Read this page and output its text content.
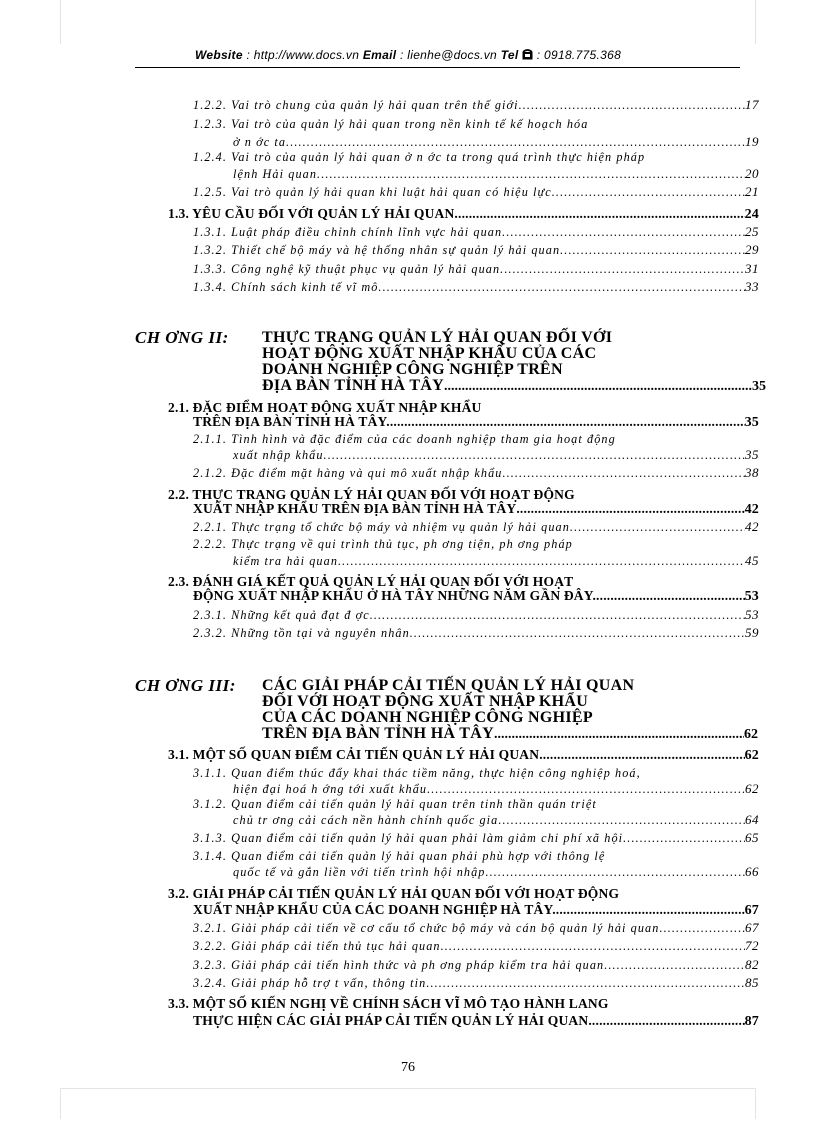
Website : http://www.docs.vn Email : lienhe@docs.vn Tel : 0918.775.368
1.2.2. Vai trò chung của quản lý hải quan trên thế giới. .....	17
1.2.3. Vai trò của quản lý hải quan trong nền kinh tế kế hoạch hóa
ở n ớc ta. .....	19
1.2.4. Vai trò của quản lý hải quan ở n ớc ta trong quá trình thực hiện pháp
lệnh Hải quan. .....	20
1.2.5. Vai trò quản lý hải quan khi luật hải quan có hiệu lực. .....	21
1.3. YÊU CẦU ĐỐI VỚI QUẢN LÝ HẢI QUAN. .....	24
1.3.1. Luật pháp điều chỉnh chính lĩnh vực hải quan. .....	25
1.3.2. Thiết chế bộ máy và hệ thống nhân sự quản lý hải quan. .....	29
1.3.3. Công nghệ kỹ thuật phục vụ quản lý hải quan. .....	31
1.3.4. Chính sách kinh tế vĩ mô .....	33
CH ƠNG II: THỰC TRẠNG QUẢN LÝ HẢI QUAN ĐỐI VỚI
HOẠT ĐỘNG XUẤT NHẬP KHẨU CỦA CÁC
DOANH NGHIỆP CÔNG NGHIỆP TRÊN
ĐỊA BÀN TỈNH HÀ TÂY .....	35
2.1. ĐẶC ĐIỂM HOẠT ĐỘNG XUẤT NHẬP KHẨU
TRÊN ĐỊA BÀN TỈNH HÀ TÂY. .....	35
2.1.1. Tình hình và đặc điểm của các doanh nghiệp tham gia hoạt động
xuất nhập khẩu. .....	35
2.1.2. Đặc điểm mặt hàng và qui mô xuất nhập khẩu .....	38
2.2. THỰC TRẠNG QUẢN LÝ HẢI QUAN ĐỐI VỚI HOẠT ĐỘNG
XUẤT NHẬP KHẨU TRÊN ĐỊA BÀN TỈNH HÀ TÂY .....	42
2.2.1. Thực trạng tổ chức bộ máy và nhiệm vụ quản lý hải quan .....	42
2.2.2. Thực trạng về qui trình thủ tục, ph ơng tiện, ph ơng pháp
kiểm tra hải quan. .....	45
2.3. ĐÁNH GIÁ KẾT QUẢ QUẢN LÝ HẢI QUAN ĐỐI VỚI HOẠT
ĐỘNG XUẤT NHẬP KHẨU Ở HÀ TÂY NHỮNG NĂM GẦN ĐÂY. .....	53
2.3.1. Những kết quả đạt đ ợc .....	53
2.3.2. Những tồn tại và nguyên nhân .....	59
CH ƠNG III: CÁC GIẢI PHÁP CẢI TIẾN QUẢN LÝ HẢI QUAN
ĐỐI VỚI HOẠT ĐỘNG XUẤT NHẬP KHẨU
CỦA CÁC DOANH NGHIỆP CÔNG NGHIỆP
TRÊN ĐỊA BÀN TỈNH HÀ TÂY .....	62
3.1. MỘT SỐ QUAN ĐIỂM CẢI TIẾN QUẢN LÝ HẢI QUAN .....	62
3.1.1. Quan điểm thúc đẩy khai thác tiềm năng, thực hiện công nghiệp hoá,
hiện đại hoá h ớng tới xuất khẩu. .....	62
3.1.2. Quan điểm cải tiến quản lý hải quan trên tinh thần quán triệt
chủ tr ơng cải cách nền hành chính quốc gia .....	64
3.1.3. Quan điểm cải tiến quản lý hải quan phải làm giảm chi phí xã hội. .....	65
3.1.4. Quan điểm cải tiến quản lý hải quan phải phù hợp với thông lệ
quốc tế và gắn liền với tiến trình hội nhập. .....	66
3.2. GIẢI PHÁP CẢI TIẾN QUẢN LÝ HẢI QUAN ĐỐI VỚI HOẠT ĐỘNG
XUẤT NHẬP KHẨU CỦA CÁC DOANH NGHIỆP HÀ TÂY. .....	67
3.2.1. Giải pháp cải tiến về cơ cấu tổ chức bộ máy và cán bộ quản lý hải quan. .....	67
3.2.2. Giải pháp cải tiến thủ tục hải quan .....	72
3.2.3. Giải pháp cải tiến hình thức và ph ơng pháp kiểm tra hải quan. .....	82
3.2.4. Giải pháp hỗ trợ t vấn, thông tin .....	85
3.3. MỘT SỐ KIẾN NGHỊ VỀ CHÍNH SÁCH VĨ MÔ TẠO HÀNH LANG
THỰC HIỆN CÁC GIẢI PHÁP CẢI TIẾN QUẢN LÝ HẢI QUAN .....	87
76
